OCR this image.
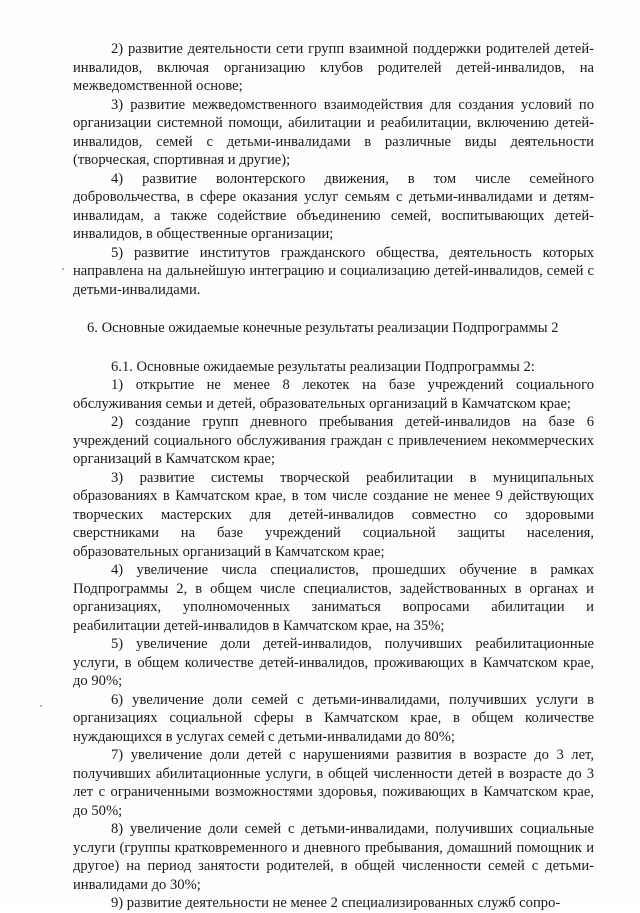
2) развитие деятельности сети групп взаимной поддержки родителей детей-инвалидов, включая организацию клубов родителей детей-инвалидов, на межведомственной основе;

3) развитие межведомственного взаимодействия для создания условий по организации системной помощи, абилитации и реабилитации, включению детей-инвалидов, семей с детьми-инвалидами в различные виды деятельности (творческая, спортивная и другие);

4) развитие волонтерского движения, в том числе семейного добровольчества, в сфере оказания услуг семьям с детьми-инвалидами и детям-инвалидам, а также содействие объединению семей, воспитывающих детей-инвалидов, в общественные организации;

5) развитие институтов гражданского общества, деятельность которых направлена на дальнейшую интеграцию и социализацию детей-инвалидов, семей с детьми-инвалидами.

6. Основные ожидаемые конечные результаты реализации Подпрограммы 2

6.1. Основные ожидаемые результаты реализации Подпрограммы 2:

1) открытие не менее 8 лекотек на базе учреждений социального обслуживания семьи и детей, образовательных организаций в Камчатском крае;

2) создание групп дневного пребывания детей-инвалидов на базе 6 учреждений социального обслуживания граждан с привлечением некоммерческих организаций в Камчатском крае;

3) развитие системы творческой реабилитации в муниципальных образованиях в Камчатском крае, в том числе создание не менее 9 действующих творческих мастерских для детей-инвалидов совместно со здоровыми сверстниками на базе учреждений социальной защиты населения, образовательных организаций в Камчатском крае;

4) увеличение числа специалистов, прошедших обучение в рамках Подпрограммы 2, в общем числе специалистов, задействованных в органах и организациях, уполномоченных заниматься вопросами абилитации и реабилитации детей-инвалидов в Камчатском крае, на 35%;

5) увеличение доли детей-инвалидов, получивших реабилитационные услуги, в общем количестве детей-инвалидов, проживающих в Камчатском крае, до 90%;

6) увеличение доли семей с детьми-инвалидами, получивших услуги в организациях социальной сферы в Камчатском крае, в общем количестве нуждающихся в услугах семей с детьми-инвалидами до 80%;

7) увеличение доли детей с нарушениями развития в возрасте до 3 лет, получивших абилитационные услуги, в общей численности детей в возрасте до 3 лет с ограниченными возможностями здоровья, поживающих в Камчатском крае, до 50%;

8) увеличение доли семей с детьми-инвалидами, получивших социальные услуги (группы кратковременного и дневного пребывания, домашний помощник и другое) на период занятости родителей, в общей численности семей с детьми-инвалидами до 30%;

9) развитие деятельности не менее 2 специализированных служб сопро-
